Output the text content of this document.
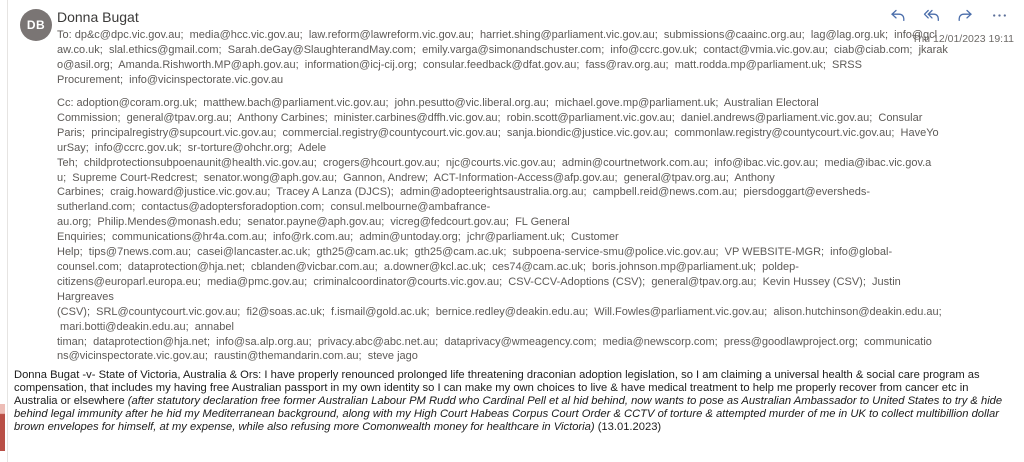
DB Donna Bugat
Thu 12/01/2023 19:11
To: dp&c@dpc.vic.gov.au;  media@hcc.vic.gov.au;  law.reform@lawreform.vic.gov.au;  harriet.shing@parliament.vic.gov.au;  submissions@caainc.org.au;  lag@lag.org.uk;  info@gcl
aw.co.uk;  slal.ethics@gmail.com;  Sarah.deGay@SlaughterandMay.com;  emily.varga@simonandschuster.com;  info@ccrc.gov.uk;  contact@vmia.vic.gov.au;  ciab@ciab.com;  jkarak
o@asil.org;  Amanda.Rishworth.MP@aph.gov.au;  information@icj-cij.org;  consular.feedback@dfat.gov.au;  fass@rav.org.au;  matt.rodda.mp@parliament.uk;  SRSS
Procurement;  info@vicinspectorate.vic.gov.au
Cc: adoption@coram.org.uk;  matthew.bach@parliament.vic.gov.au;  john.pesutto@vic.liberal.org.au;  michael.gove.mp@parliament.uk;  Australian Electoral
Commission;  general@tpav.org.au;  Anthony Carbines;  minister.carbines@dffh.vic.gov.au;  robin.scott@parliament.vic.gov.au;  daniel.andrews@parliament.vic.gov.au;  Consular
Paris;  principalregistry@supcourt.vic.gov.au;  commercial.registry@countycourt.vic.gov.au;  sanja.biondic@justice.vic.gov.au;  commonlaw.registry@countycourt.vic.gov.au;  HaveYo
urSay;  info@ccrc.gov.uk;  sr-torture@ohchr.org;  Adele
Teh;  childprotectionsubpoenaunit@health.vic.gov.au;  crogers@hcourt.gov.au;  njc@courts.vic.gov.au;  admin@courtnetwork.com.au;  info@ibac.vic.gov.au;  media@ibac.vic.gov.a
u;  Supreme Court-Redcrest;  senator.wong@aph.gov.au;  Gannon, Andrew;  ACT-Information-Access@afp.gov.au;  general@tpav.org.au;  Anthony
Carbines;  craig.howard@justice.vic.gov.au;  Tracey A Lanza (DJCS);  admin@adopteerightsaustralia.org.au;  campbell.reid@news.com.au;  piersdoggart@eversheds-
sutherland.com;  contactus@adoptersforadoption.com;  consul.melbourne@ambafrance-
au.org;  Philip.Mendes@monash.edu;  senator.payne@aph.gov.au;  vicreg@fedcourt.gov.au;  FL General
Enquiries;  communications@hr4a.com.au;  info@rk.com.au;  admin@untoday.org;  jchr@parliament.uk;  Customer
Help;  tips@7news.com.au;  casei@lancaster.ac.uk;  gth25@cam.ac.uk;  gth25@cam.ac.uk;  subpoena-service-smu@police.vic.gov.au;  VP WEBSITE-MGR;  info@global-
counsel.com;  dataprotection@hja.net;  cblanden@vicbar.com.au;  a.downer@kcl.ac.uk;  ces74@cam.ac.uk;  boris.johnson.mp@parliament.uk;  poldep-
citizens@europarl.europa.eu;  media@pmc.gov.au;  criminalcoordinator@courts.vic.gov.au;  CSV-CCV-Adoptions (CSV);  general@tpav.org.au;  Kevin Hussey (CSV);  Justin
Hargreaves
(CSV);  SRL@countycourt.vic.gov.au;  fi2@soas.ac.uk;  f.ismail@gold.ac.uk;  bernice.redley@deakin.edu.au;  Will.Fowles@parliament.vic.gov.au;  alison.hutchinson@deakin.edu.au;
mari.botti@deakin.edu.au;  annabel
timan;  dataprotection@hja.net;  info@sa.alp.org.au;  privacy.abc@abc.net.au;  dataprivacy@wmeagency.com;  media@newscorp.com;  press@goodlawproject.org;  communicatio
ns@vicinspectorate.vic.gov.au;  raustin@themandarin.com.au;  steve jago

Donna Bugat -v- State of Victoria, Australia & Ors: I have properly renounced prolonged life threatening draconian adoption legislation, so I am claiming a universal health & social care program as compensation, that includes my having free Australian passport in my own identity so I can make my own choices to live & have medical treatment to help me properly recover from cancer etc in Australia or elsewhere (after statutory declaration free former Australian Labour PM Rudd who Cardinal Pell et al hid behind, now wants to pose as Australian Ambassador to United States to try & hide behind legal immunity after he hid my Mediterranean background, along with my High Court Habeas Corpus Court Order & CCTV of torture & attempted murder of me in UK to collect multibillion dollar brown envelopes for himself, at my expense, while also refusing more Comonwealth money for healthcare in Victoria) (13.01.2023)
